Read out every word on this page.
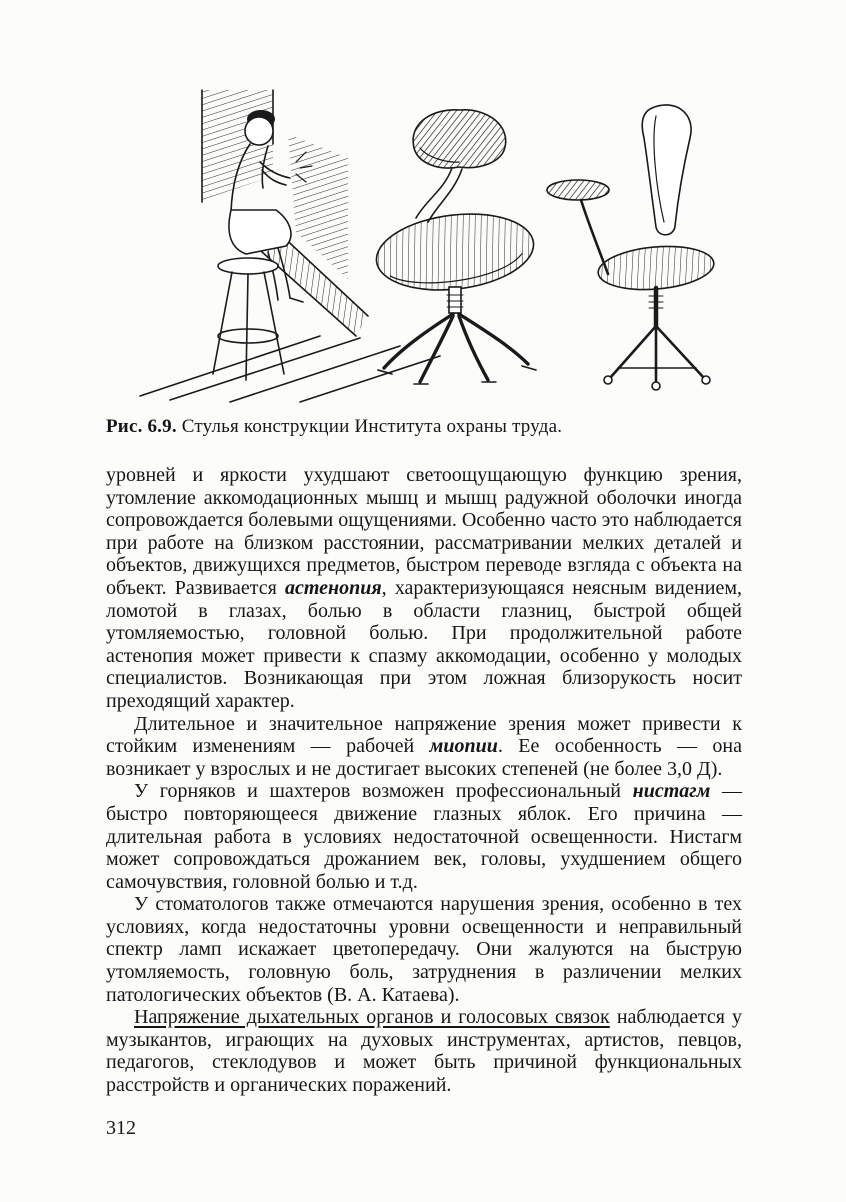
Рис. 6.9. Стулья конструкции Института охраны труда.

уровней и яркости ухудшают светоощущающую функцию зрения, утомление аккомодационных мышц и мышц радужной оболочки иногда сопровождается болевыми ощущениями. Особенно часто это наблюдается при работе на близком расстоянии, рассматривании мелких деталей и объектов, движущихся предметов, быстром переводе взгляда с объекта на объект. Развивается астенопия, характеризующаяся неясным видением, ломотой в глазах, болью в области глазниц, быстрой общей утомляемостью, головной болью. При продолжительной работе астенопия может привести к спазму аккомодации, особенно у молодых специалистов. Возникающая при этом ложная близорукость носит преходящий характер.

Длительное и значительное напряжение зрения может привести к стойким изменениям — рабочей миопии. Ее особенность — она возникает у взрослых и не достигает высоких степеней (не более 3,0 Д).

У горняков и шахтеров возможен профессиональный нистагм — быстро повторяющееся движение глазных яблок. Его причина — длительная работа в условиях недостаточной освещенности. Нистагм может сопровождаться дрожанием век, головы, ухудшением общего самочувствия, головной болью и т.д.

У стоматологов также отмечаются нарушения зрения, особенно в тех условиях, когда недостаточны уровни освещенности и неправильный спектр ламп искажает цветопередачу. Они жалуются на быструю утомляемость, головную боль, затруднения в различении мелких патологических объектов (В. А. Катаева).

Напряжение дыхательных органов и голосовых связок наблюдается у музыкантов, играющих на духовых инструментах, артистов, певцов, педагогов, стеклодувов и может быть причиной функциональных расстройств и органических поражений.

312
